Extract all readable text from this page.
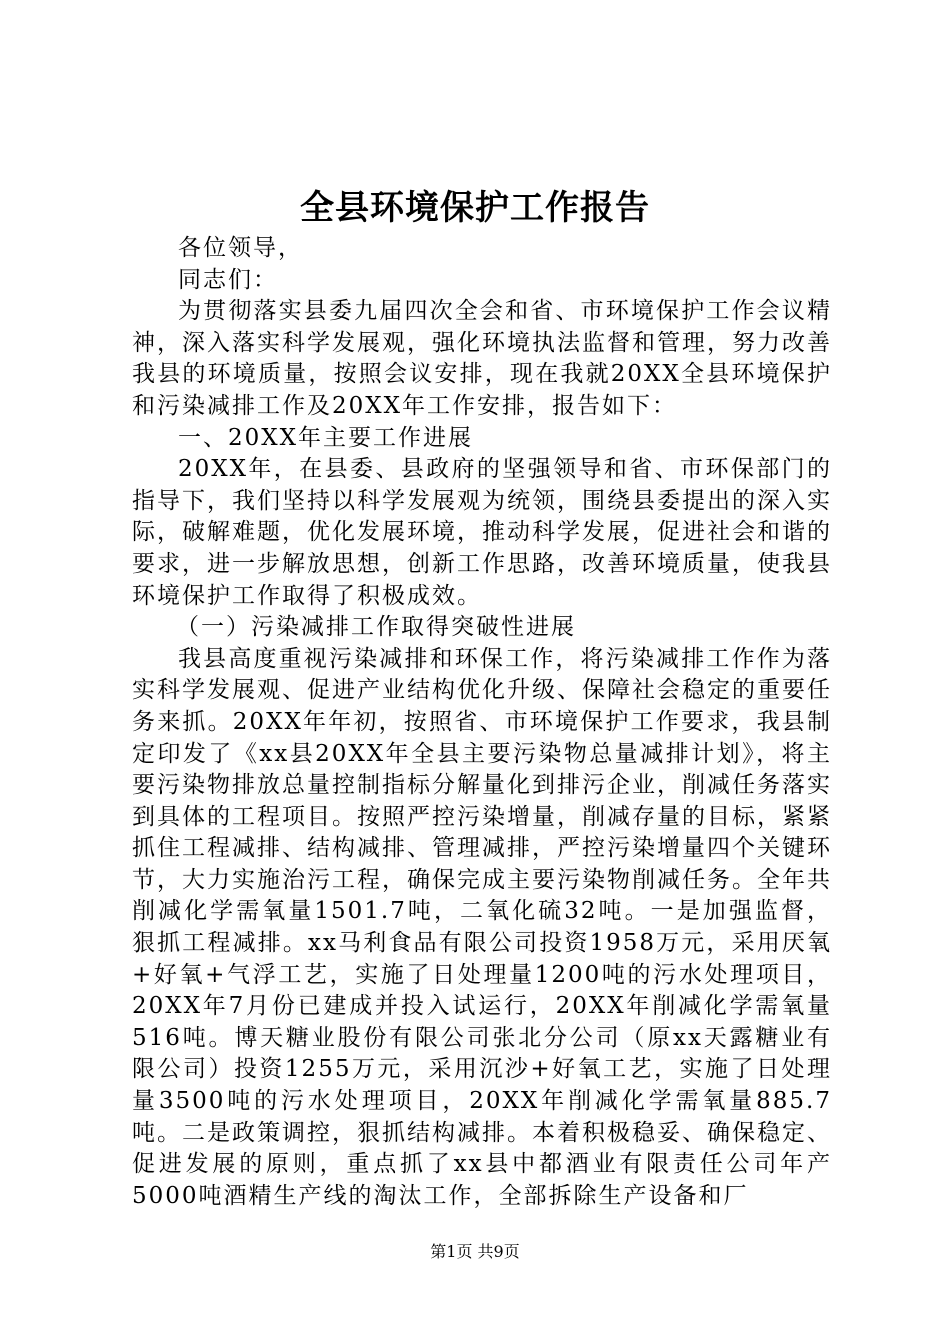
全县环境保护工作报告

各位领导，

同志们：

为贯彻落实县委九届四次全会和省、市环境保护工作会议精神，深入落实科学发展观，强化环境执法监督和管理，努力改善我县的环境质量，按照会议安排，现在我就20XX全县环境保护和污染减排工作及20XX年工作安排，报告如下：

一、20XX年主要工作进展

20XX年，在县委、县政府的坚强领导和省、市环保部门的指导下，我们坚持以科学发展观为统领，围绕县委提出的深入实际，破解难题，优化发展环境，推动科学发展，促进社会和谐的要求，进一步解放思想，创新工作思路，改善环境质量，使我县环境保护工作取得了积极成效。

（一）污染减排工作取得突破性进展

我县高度重视污染减排和环保工作，将污染减排工作作为落实科学发展观、促进产业结构优化升级、保障社会稳定的重要任务来抓。20XX年年初，按照省、市环境保护工作要求，我县制定印发了《xx县20XX年全县主要污染物总量减排计划》，将主要污染物排放总量控制指标分解量化到排污企业，削减任务落实到具体的工程项目。按照严控污染增量，削减存量的目标，紧紧抓住工程减排、结构减排、管理减排，严控污染增量四个关键环节，大力实施治污工程，确保完成主要污染物削减任务。全年共削减化学需氧量1501.7吨，二氧化硫32吨。一是加强监督，狠抓工程减排。xx马利食品有限公司投资1958万元，采用厌氧+好氧+气浮工艺，实施了日处理量1200吨的污水处理项目，20XX年7月份已建成并投入试运行，20XX年削减化学需氧量516吨。博天糖业股份有限公司张北分公司（原xx天露糖业有限公司）投资1255万元，采用沉沙+好氧工艺，实施了日处理量3500吨的污水处理项目，20XX年削减化学需氧量885.7吨。二是政策调控，狠抓结构减排。本着积极稳妥、确保稳定、促进发展的原则，重点抓了xx县中都酒业有限责任公司年产5000吨酒精生产线的淘汰工作，全部拆除生产设备和厂

第1页 共9页
